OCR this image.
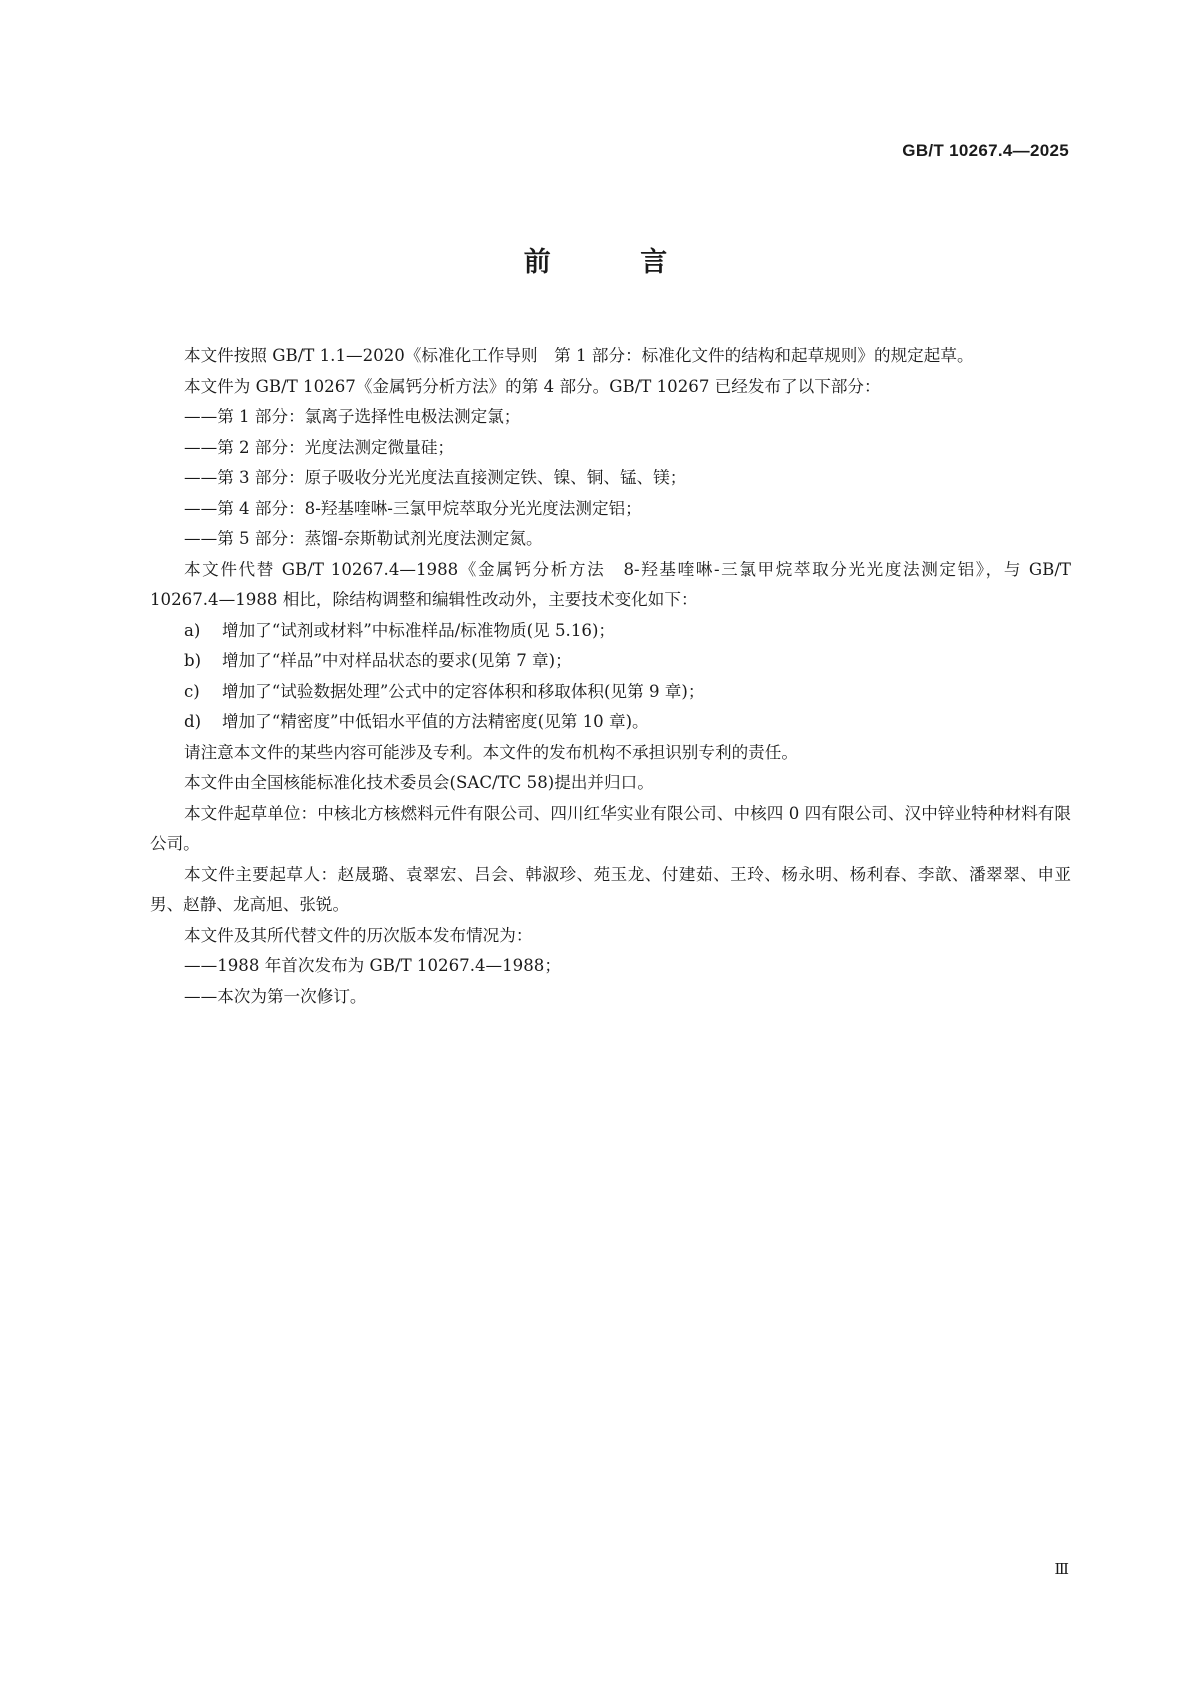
GB/T 10267.4—2025
前 言

本文件按照 GB/T 1.1—2020《标准化工作导则　第 1 部分：标准化文件的结构和起草规则》的规定起草。

本文件为 GB/T 10267《金属钙分析方法》的第 4 部分。GB/T 10267 已经发布了以下部分：

——第 1 部分：氯离子选择性电极法测定氯；

——第 2 部分：光度法测定微量硅；

——第 3 部分：原子吸收分光光度法直接测定铁、镍、铜、锰、镁；

——第 4 部分：8-羟基喹啉-三氯甲烷萃取分光光度法测定铝；

——第 5 部分：蒸馏-奈斯勒试剂光度法测定氮。

本文件代替 GB/T 10267.4—1988《金属钙分析方法　8-羟基喹啉-三氯甲烷萃取分光光度法测定铝》，与 GB/T 10267.4—1988 相比，除结构调整和编辑性改动外，主要技术变化如下：

a) 增加了“试剂或材料”中标准样品/标准物质(见 5.16)；

b) 增加了“样品”中对样品状态的要求(见第 7 章)；

c) 增加了“试验数据处理”公式中的定容体积和移取体积(见第 9 章)；

d) 增加了“精密度”中低铝水平值的方法精密度(见第 10 章)。

请注意本文件的某些内容可能涉及专利。本文件的发布机构不承担识别专利的责任。

本文件由全国核能标准化技术委员会(SAC/TC 58)提出并归口。

本文件起草单位：中核北方核燃料元件有限公司、四川红华实业有限公司、中核四 0 四有限公司、汉中锌业特种材料有限公司。

本文件主要起草人：赵晟璐、袁翠宏、吕会、韩淑珍、苑玉龙、付建茹、王玲、杨永明、杨利春、李歆、潘翠翠、申亚男、赵静、龙高旭、张锐。

本文件及其所代替文件的历次版本发布情况为：

——1988 年首次发布为 GB/T 10267.4—1988；

——本次为第一次修订。

Ⅲ
